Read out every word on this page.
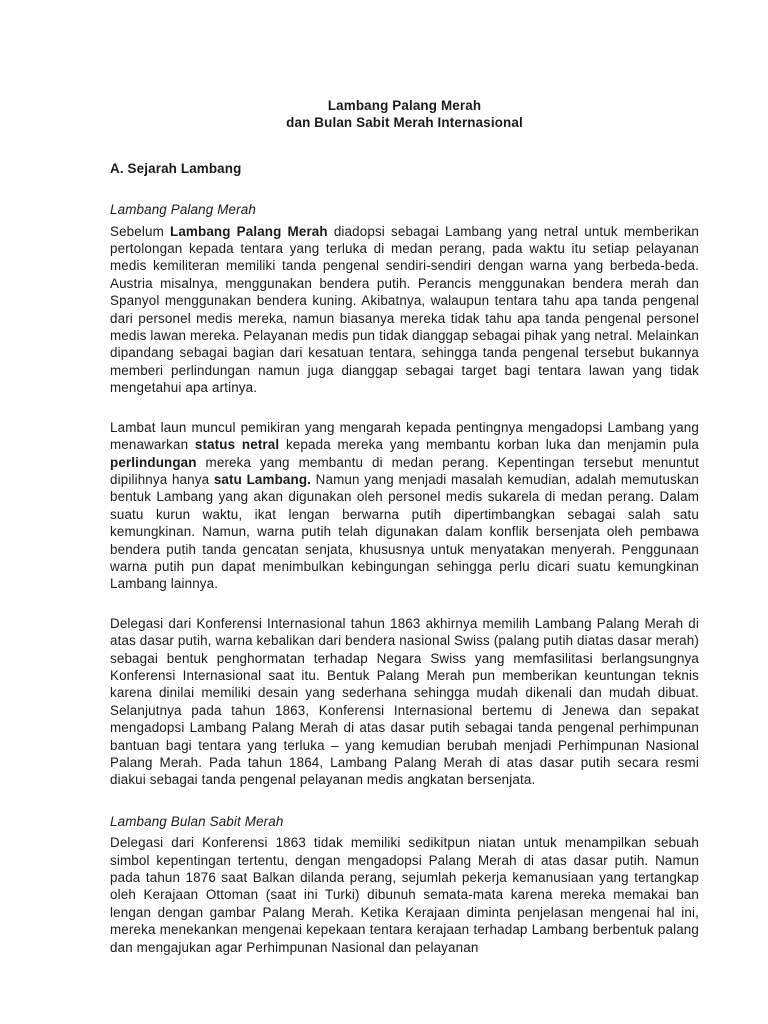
Lambang Palang Merah
dan Bulan Sabit Merah Internasional

A. Sejarah Lambang

Lambang Palang Merah

Sebelum Lambang Palang Merah diadopsi sebagai Lambang yang netral untuk memberikan pertolongan kepada tentara yang terluka di medan perang, pada waktu itu setiap pelayanan medis kemiliteran memiliki tanda pengenal sendiri-sendiri dengan warna yang berbeda-beda. Austria misalnya, menggunakan bendera putih. Perancis menggunakan bendera merah dan Spanyol menggunakan bendera kuning. Akibatnya, walaupun tentara tahu apa tanda pengenal dari personel medis mereka, namun biasanya mereka tidak tahu apa tanda pengenal personel medis lawan mereka. Pelayanan medis pun tidak dianggap sebagai pihak yang netral. Melainkan dipandang sebagai bagian dari kesatuan tentara, sehingga tanda pengenal tersebut bukannya memberi perlindungan namun juga dianggap sebagai target bagi tentara lawan yang tidak mengetahui apa artinya.

Lambat laun muncul pemikiran yang mengarah kepada pentingnya mengadopsi Lambang yang menawarkan status netral kepada mereka yang membantu korban luka dan menjamin pula perlindungan mereka yang membantu di medan perang. Kepentingan tersebut menuntut dipilihnya hanya satu Lambang. Namun yang menjadi masalah kemudian, adalah memutuskan bentuk Lambang yang akan digunakan oleh personel medis sukarela di medan perang. Dalam suatu kurun waktu, ikat lengan berwarna putih dipertimbangkan sebagai salah satu kemungkinan. Namun, warna putih telah digunakan dalam konflik bersenjata oleh pembawa bendera putih tanda gencatan senjata, khususnya untuk menyatakan menyerah. Penggunaan warna putih pun dapat menimbulkan kebingungan sehingga perlu dicari suatu kemungkinan Lambang lainnya.

Delegasi dari Konferensi Internasional tahun 1863 akhirnya memilih Lambang Palang Merah di atas dasar putih, warna kebalikan dari bendera nasional Swiss (palang putih diatas dasar merah) sebagai bentuk penghormatan terhadap Negara Swiss yang memfasilitasi berlangsungnya Konferensi Internasional saat itu. Bentuk Palang Merah pun memberikan keuntungan teknis karena dinilai memiliki desain yang sederhana sehingga mudah dikenali dan mudah dibuat. Selanjutnya pada tahun 1863, Konferensi Internasional bertemu di Jenewa dan sepakat mengadopsi Lambang Palang Merah di atas dasar putih sebagai tanda pengenal perhimpunan bantuan bagi tentara yang terluka – yang kemudian berubah menjadi Perhimpunan Nasional Palang Merah. Pada tahun 1864, Lambang Palang Merah di atas dasar putih secara resmi diakui sebagai tanda pengenal pelayanan medis angkatan bersenjata.

Lambang Bulan Sabit Merah

Delegasi dari Konferensi 1863 tidak memiliki sedikitpun niatan untuk menampilkan sebuah simbol kepentingan tertentu, dengan mengadopsi Palang Merah di atas dasar putih. Namun pada tahun 1876 saat Balkan dilanda perang, sejumlah pekerja kemanusiaan yang tertangkap oleh Kerajaan Ottoman (saat ini Turki) dibunuh semata-mata karena mereka memakai ban lengan dengan gambar Palang Merah. Ketika Kerajaan diminta penjelasan mengenai hal ini, mereka menekankan mengenai kepekaan tentara kerajaan terhadap Lambang berbentuk palang dan mengajukan agar Perhimpunan Nasional dan pelayanan
